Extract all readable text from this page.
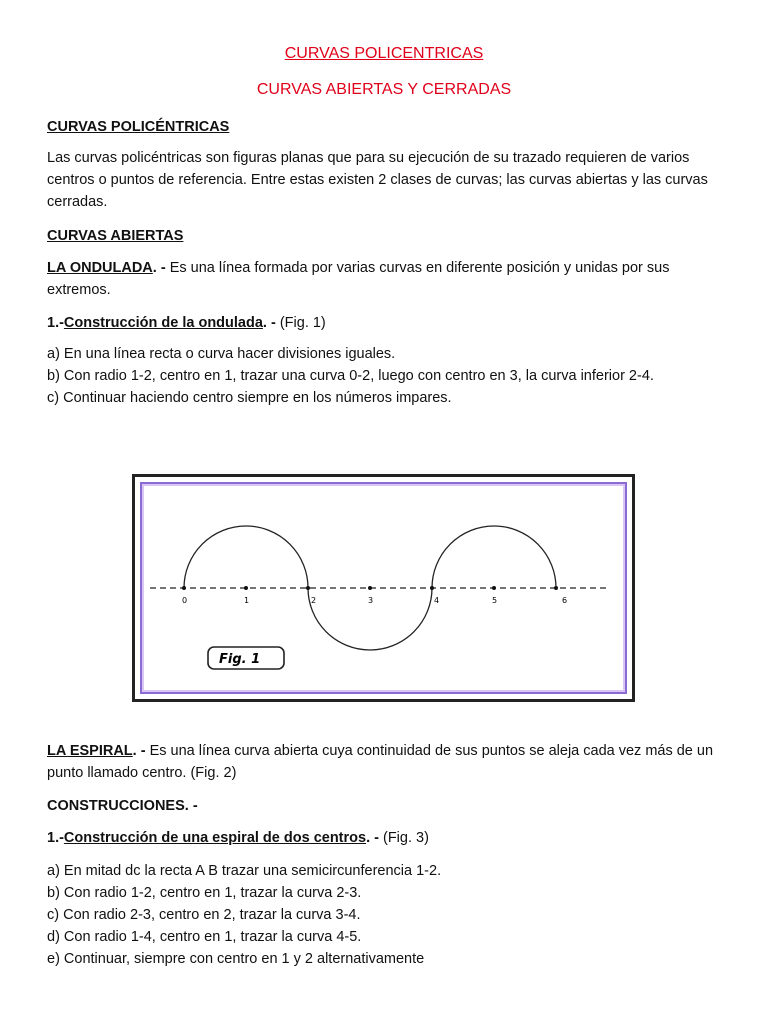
CURVAS POLICENTRICAS
CURVAS ABIERTAS Y CERRADAS
CURVAS POLICÉNTRICAS
Las curvas policéntricas son figuras planas que para su ejecución de su trazado requieren de varios centros o puntos de referencia. Entre estas existen 2 clases de curvas; las curvas abiertas y las curvas cerradas.
CURVAS ABIERTAS
LA ONDULADA. - Es una línea formada por varias curvas en diferente posición y unidas por sus extremos.
1.-Construcción de la ondulada. - (Fig. 1)
a) En una línea recta o curva hacer divisiones iguales.
b) Con radio 1-2, centro en 1, trazar una curva 0-2, luego con centro en 3, la curva inferior 2-4.
c) Continuar haciendo centro siempre en los números impares.
0	1	2	3	4	5	6
Fig. 1
LA ESPIRAL. - Es una línea curva abierta cuya continuidad de sus puntos se aleja cada vez más de un punto llamado centro. (Fig. 2)
CONSTRUCCIONES. -
1.-Construcción de una espiral de dos centros. - (Fig. 3)
a) En mitad dc la recta A B trazar una semicircunferencia 1-2.
b) Con radio 1-2, centro en 1, trazar la curva 2-3.
c) Con radio 2-3, centro en 2, trazar la curva 3-4.
d) Con radio 1-4, centro en 1, trazar la curva 4-5.
e) Continuar, siempre con centro en 1 y 2 alternativamente
